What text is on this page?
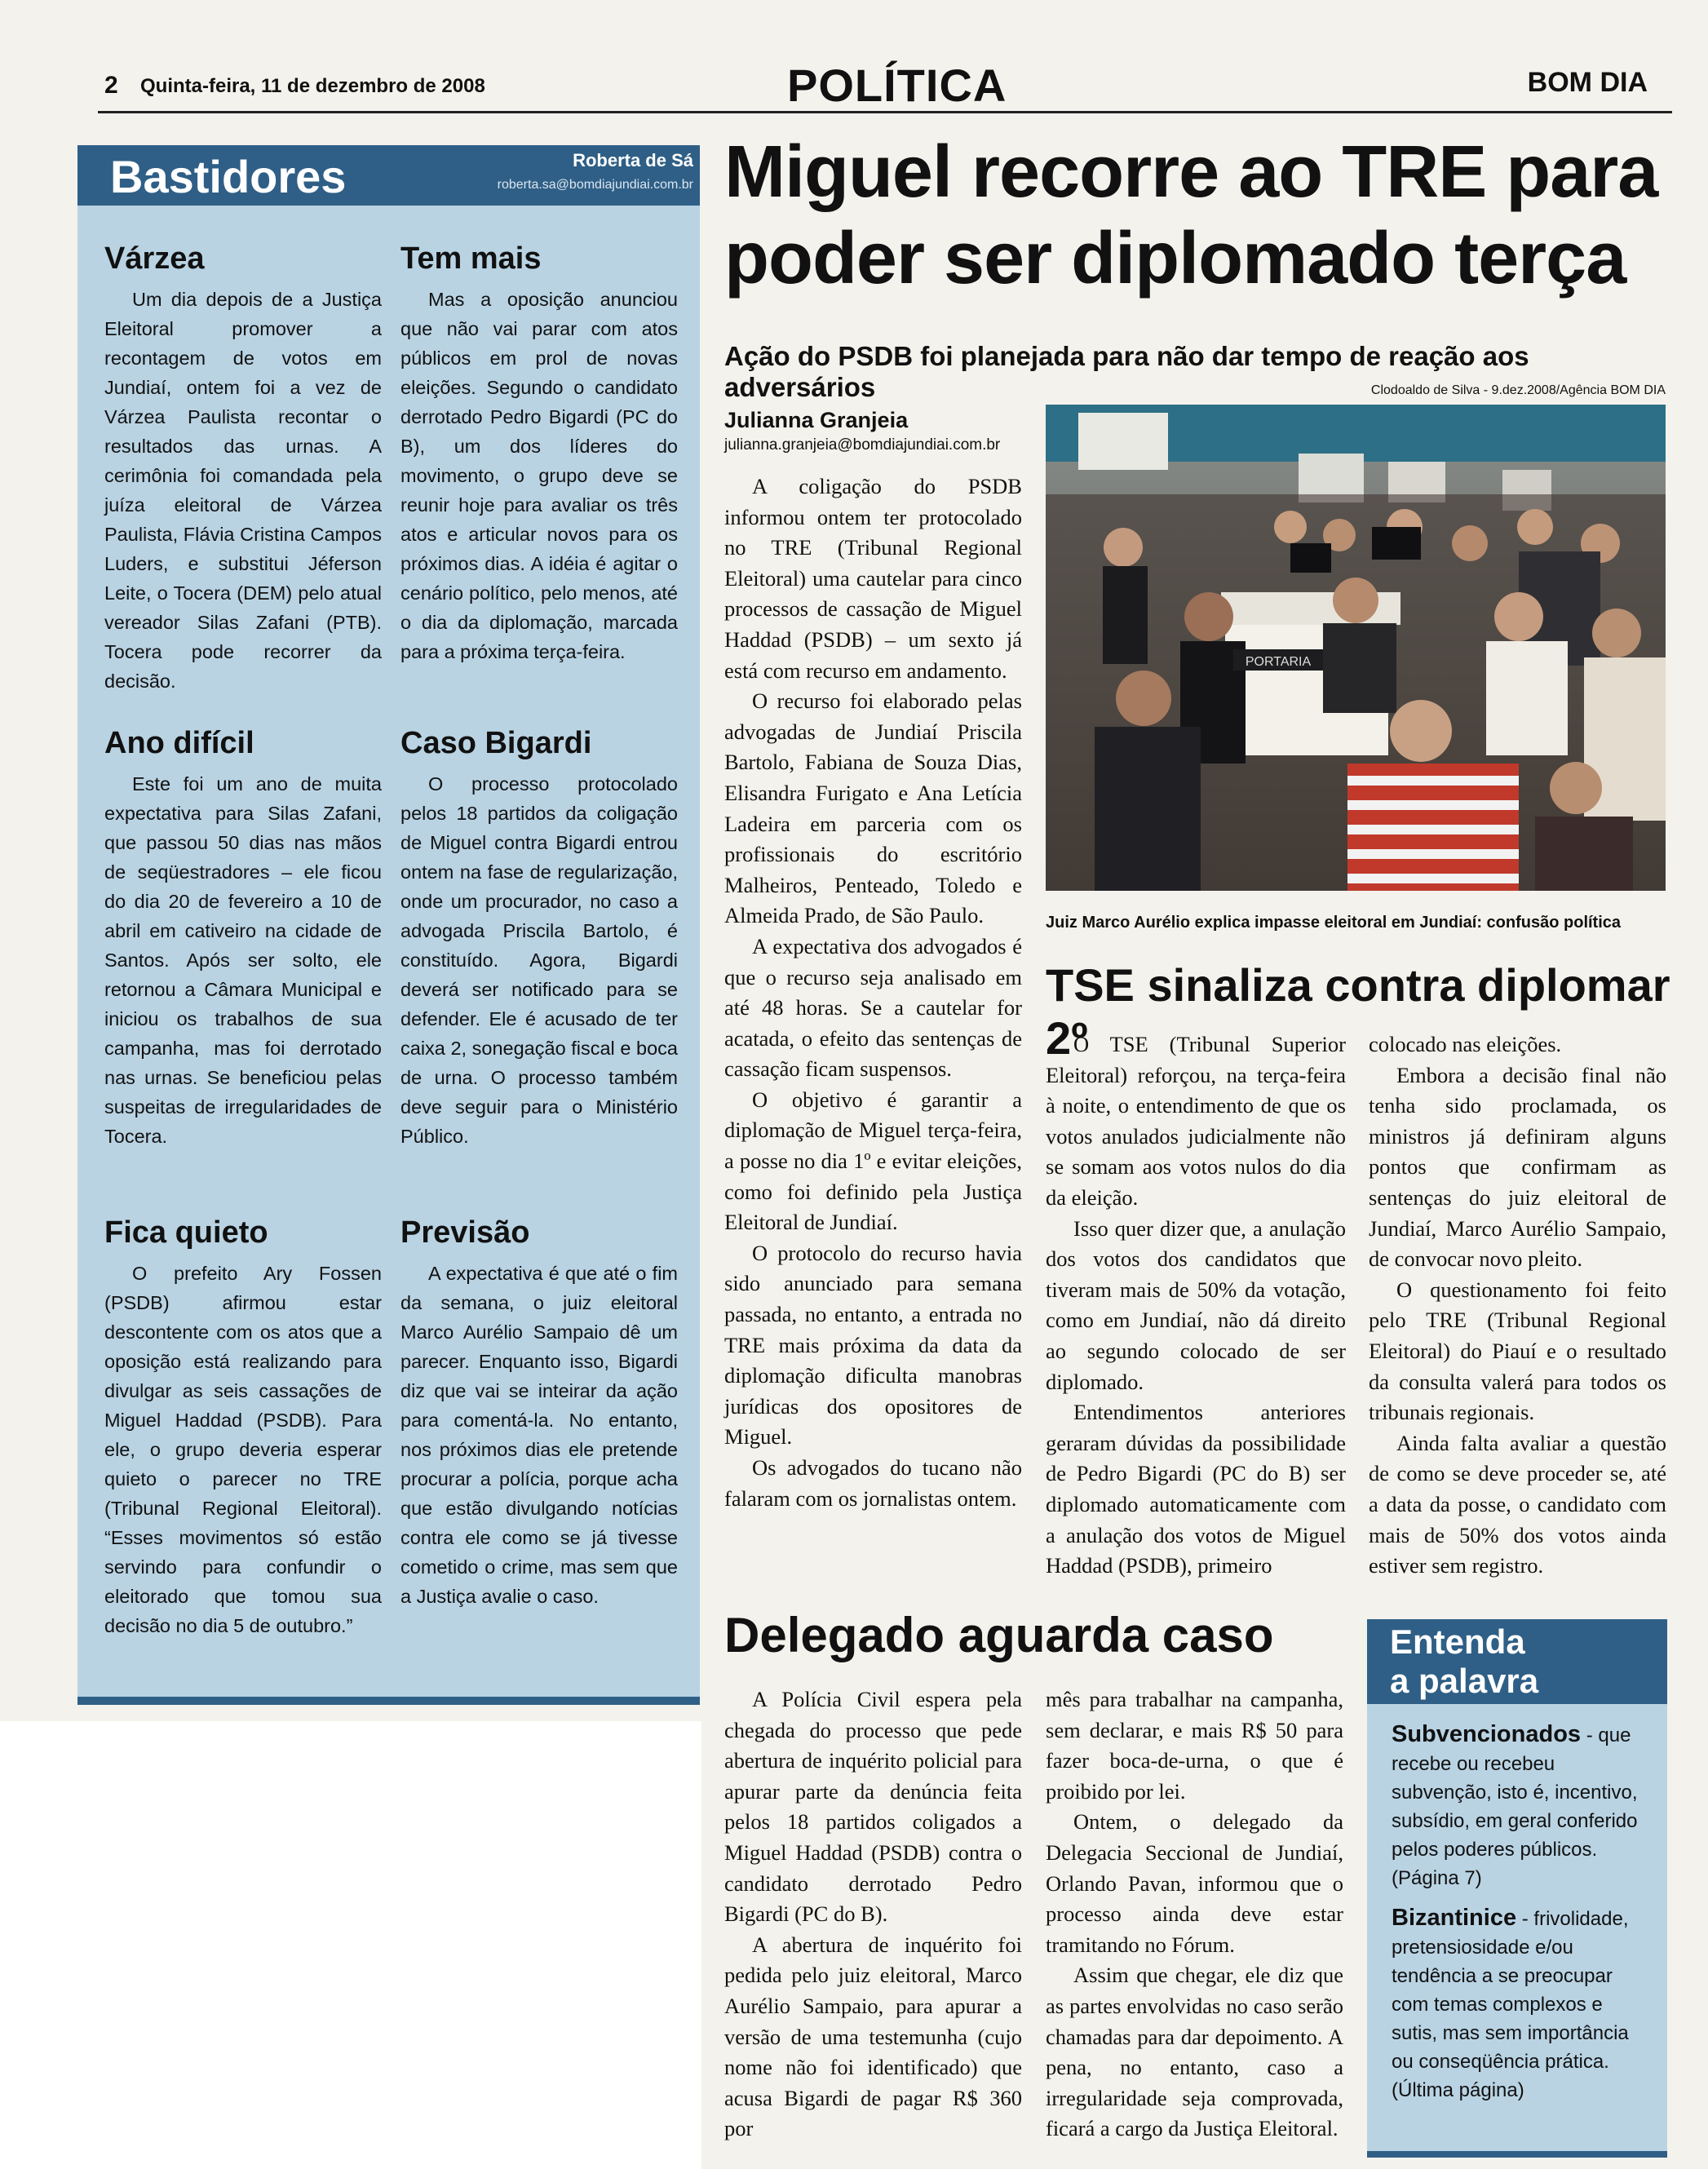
2 Quinta-feira, 11 de dezembro de 2008	POLÍTICA	BOM DIA
Bastidores	Roberta de Sá
roberta.sa@bomdiajundiai.com.br
Várzea

Um dia depois de a Justiça Eleitoral promover a recontagem de votos em Jundiaí, ontem foi a vez de Várzea Paulista recontar o resultados das urnas. A cerimônia foi comandada pela juíza eleitoral de Várzea Paulista, Flávia Cristina Campos Luders, e substitui Jéferson Leite, o Tocera (DEM) pelo atual vereador Silas Zafani (PTB). Tocera pode recorrer da decisão.

Tem mais

Mas a oposição anunciou que não vai parar com atos públicos em prol de novas eleições. Segundo o candidato derrotado Pedro Bigardi (PC do B), um dos líderes do movimento, o grupo deve se reunir hoje para avaliar os três atos e articular novos para os próximos dias. A idéia é agitar o cenário político, pelo menos, até o dia da diplomação, marcada para a próxima terça-feira.

Ano difícil

Este foi um ano de muita expectativa para Silas Zafani, que passou 50 dias nas mãos de seqüestradores – ele ficou do dia 20 de fevereiro a 10 de abril em cativeiro na cidade de Santos. Após ser solto, ele retornou a Câmara Municipal e iniciou os trabalhos de sua campanha, mas foi derrotado nas urnas. Se beneficiou pelas suspeitas de irregularidades de Tocera.

Caso Bigardi

O processo protocolado pelos 18 partidos da coligação de Miguel contra Bigardi entrou ontem na fase de regularização, onde um procurador, no caso a advogada Priscila Bartolo, é constituído. Agora, Bigardi deverá ser notificado para se defender. Ele é acusado de ter caixa 2, sonegação fiscal e boca de urna. O processo também deve seguir para o Ministério Público.

Fica quieto

O prefeito Ary Fossen (PSDB) afirmou estar descontente com os atos que a oposição está realizando para divulgar as seis cassações de Miguel Haddad (PSDB). Para ele, o grupo deveria esperar quieto o parecer no TRE (Tribunal Regional Eleitoral). “Esses movimentos só estão servindo para confundir o eleitorado que tomou sua decisão no dia 5 de outubro.”

Previsão

A expectativa é que até o fim da semana, o juiz eleitoral Marco Aurélio Sampaio dê um parecer. Enquanto isso, Bigardi diz que vai se inteirar da ação para comentá-la. No entanto, nos próximos dias ele pretende procurar a polícia, porque acha que estão divulgando notícias contra ele como se já tivesse cometido o crime, mas sem que a Justiça avalie o caso.

Miguel recorre ao TRE para poder ser diplomado terça
Ação do PSDB foi planejada para não dar tempo de reação aos adversários
Julianna Granjeia
julianna.granjeia@bomdiajundiai.com.br

A coligação do PSDB informou ontem ter protocolado no TRE (Tribunal Regional Eleitoral) uma cautelar para cinco processos de cassação de Miguel Haddad (PSDB) – um sexto já está com recurso em andamento.

O recurso foi elaborado pelas advogadas de Jundiaí Priscila Bartolo, Fabiana de Souza Dias, Elisandra Furigato e Ana Letícia Ladeira em parceria com os profissionais do escritório Malheiros, Penteado, Toledo e Almeida Prado, de São Paulo.

A expectativa dos advogados é que o recurso seja analisado em até 48 horas. Se a cautelar for acatada, o efeito das sentenças de cassação ficam suspensos.

O objetivo é garantir a diplomação de Miguel terça-feira, a posse no dia 1º e evitar eleições, como foi definido pela Justiça Eleitoral de Jundiaí.

O protocolo do recurso havia sido anunciado para semana passada, no entanto, a entrada no TRE mais próxima da data da diplomação dificulta manobras jurídicas dos opositores de Miguel.

Os advogados do tucano não falaram com os jornalistas ontem.

Clodoaldo de Silva - 9.dez.2008/Agência BOM DIA
PORTARIA
Juiz Marco Aurélio explica impasse eleitoral em Jundiaí: confusão política
TSE sinaliza contra diplomar 2º

O TSE (Tribunal Superior Eleitoral) reforçou, na terça-feira à noite, o entendimento de que os votos anulados judicialmente não se somam aos votos nulos do dia da eleição.

Isso quer dizer que, a anulação dos votos dos candidatos que tiveram mais de 50% da votação, como em Jundiaí, não dá direito ao segundo colocado de ser diplomado.

Entendimentos anteriores geraram dúvidas da possibilidade de Pedro Bigardi (PC do B) ser diplomado automaticamente com a anulação dos votos de Miguel Haddad (PSDB), primeiro

colocado nas eleições.

Embora a decisão final não tenha sido proclamada, os ministros já definiram alguns pontos que confirmam as sentenças do juiz eleitoral de Jundiaí, Marco Aurélio Sampaio, de convocar novo pleito.

O questionamento foi feito pelo TRE (Tribunal Regional Eleitoral) do Piauí e o resultado da consulta valerá para todos os tribunais regionais.

Ainda falta avaliar a questão de como se deve proceder se, até a data da posse, o candidato com mais de 50% dos votos ainda estiver sem registro.

Delegado aguarda caso

A Polícia Civil espera pela chegada do processo que pede abertura de inquérito policial para apurar parte da denúncia feita pelos 18 partidos coligados a Miguel Haddad (PSDB) contra o candidato derrotado Pedro Bigardi (PC do B).

A abertura de inquérito foi pedida pelo juiz eleitoral, Marco Aurélio Sampaio, para apurar a versão de uma testemunha (cujo nome não foi identificado) que acusa Bigardi de pagar R$ 360 por

mês para trabalhar na campanha, sem declarar, e mais R$ 50 para fazer boca-de-urna, o que é proibido por lei.

Ontem, o delegado da Delegacia Seccional de Jundiaí, Orlando Pavan, informou que o processo ainda deve estar tramitando no Fórum.

Assim que chegar, ele diz que as partes envolvidas no caso serão chamadas para dar depoimento. A pena, no entanto, caso a irregularidade seja comprovada, ficará a cargo da Justiça Eleitoral.

Entenda
a palavra

Subvencionados - que recebe ou recebeu subvenção, isto é, incentivo, subsídio, em geral conferido pelos poderes públicos. (Página 7)

Bizantinice - frivolidade, pretensiosidade e/ou tendência a se preocupar com temas complexos e sutis, mas sem importância ou conseqüência prática. (Última página)
